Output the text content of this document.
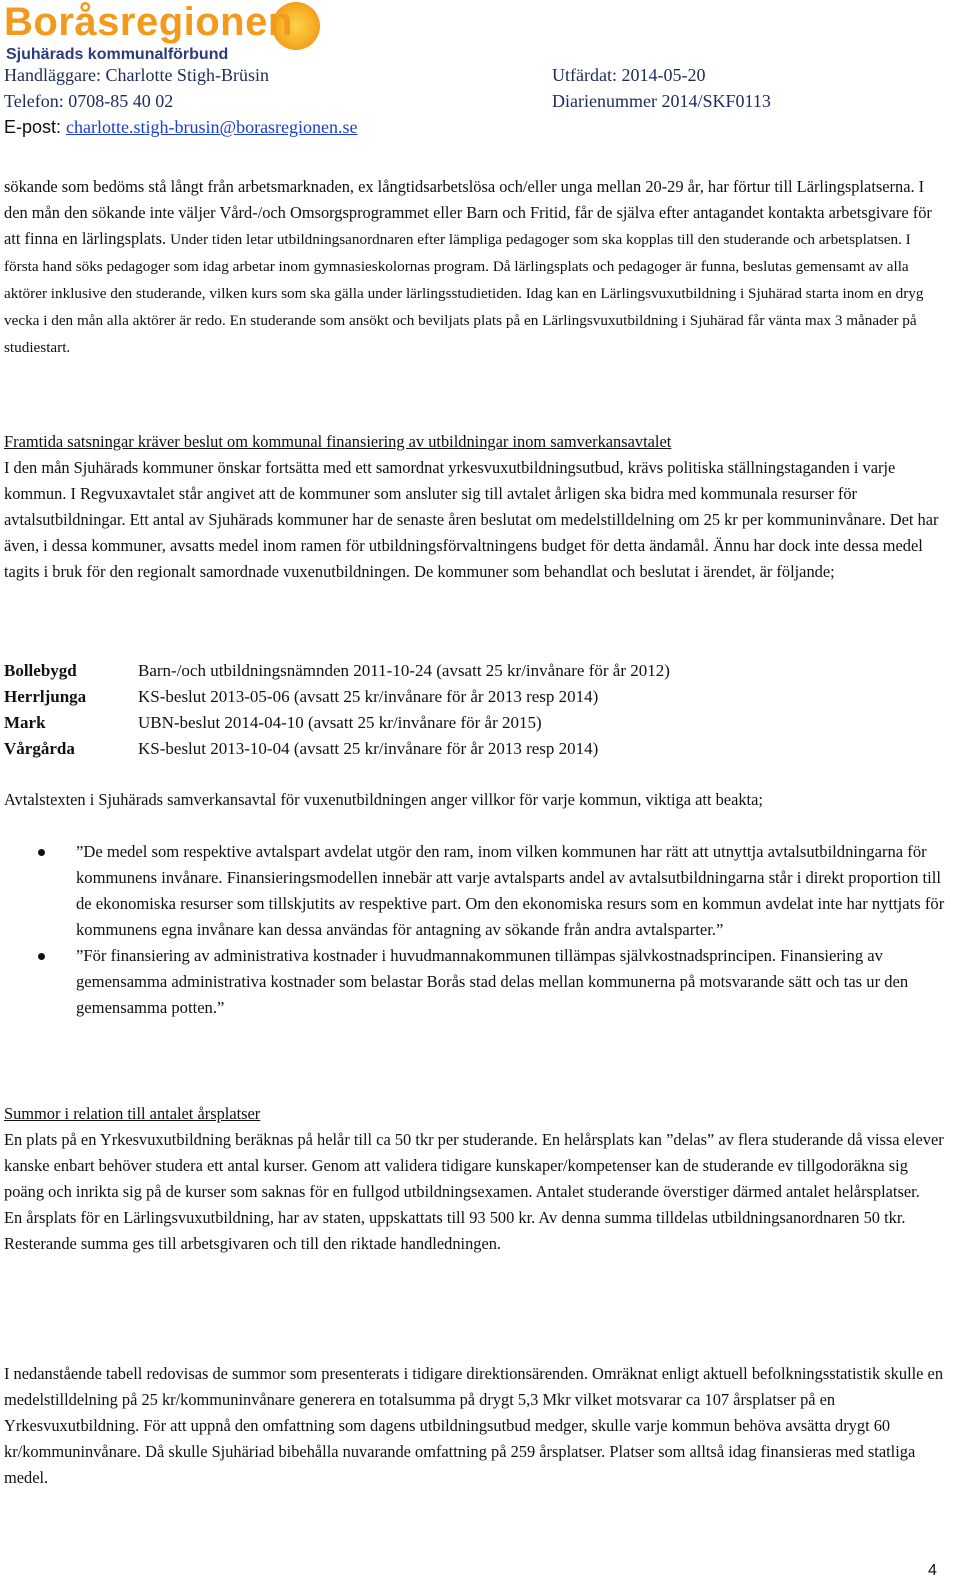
Boråsregionen
Sjuhärads kommunalförbund
Handläggare: Charlotte Stigh-Brüsin
Telefon: 0708-85 40 02
E-post: charlotte.stigh-brusin@borasregionen.se
Utfärdat: 2014-05-20
Diarienummer 2014/SKF0113

sökande som bedöms stå långt från arbetsmarknaden, ex långtidsarbetslösa och/eller unga mellan 20-29 år, har förtur till Lärlingsplatserna. I den mån den sökande inte väljer Vård-/och Omsorgsprogrammet eller Barn och Fritid, får de själva efter antagandet kontakta arbetsgivare för att finna en lärlingsplats. Under tiden letar utbildningsanordnaren efter lämpliga pedagoger som ska kopplas till den studerande och arbetsplatsen. I första hand söks pedagoger som idag arbetar inom gymnasieskolornas program. Då lärlingsplats och pedagoger är funna, beslutas gemensamt av alla aktörer inklusive den studerande, vilken kurs som ska gälla under lärlingsstudietiden. Idag kan en Lärlingsvuxutbildning i Sjuhärad starta inom en dryg vecka i den mån alla aktörer är redo. En studerande som ansökt och beviljats plats på en Lärlingsvuxutbildning i Sjuhärad får vänta max 3 månader på studiestart.

Framtida satsningar kräver beslut om kommunal finansiering av utbildningar inom samverkansavtalet
I den mån Sjuhärads kommuner önskar fortsätta med ett samordnat yrkesvuxutbildningsutbud, krävs politiska ställningstaganden i varje kommun. I Regvuxavtalet står angivet att de kommuner som ansluter sig till avtalet årligen ska bidra med kommunala resurser för avtalsutbildningar. Ett antal av Sjuhärads kommuner har de senaste åren beslutat om medelstilldelning om 25 kr per kommuninvånare. Det har även, i dessa kommuner, avsatts medel inom ramen för utbildningsförvaltningens budget för detta ändamål. Ännu har dock inte dessa medel tagits i bruk för den regionalt samordnade vuxenutbildningen. De kommuner som behandlat och beslutat i ärendet, är följande;
Bollebygd	Barn-/och utbildningsnämnden 2011-10-24 (avsatt 25 kr/invånare för år 2012)
Herrljunga	KS-beslut 2013-05-06 (avsatt 25 kr/invånare för år 2013 resp 2014)
Mark	UBN-beslut 2014-04-10 (avsatt 25 kr/invånare för år 2015)
Vårgårda	KS-beslut 2013-10-04 (avsatt 25 kr/invånare för år 2013 resp 2014)

Avtalstexten i Sjuhärads samverkansavtal för vuxenutbildningen anger villkor för varje kommun, viktiga att beakta;

”De medel som respektive avtalspart avdelat utgör den ram, inom vilken kommunen har rätt att utnyttja avtalsutbildningarna för kommunens invånare. Finansieringsmodellen innebär att varje avtalsparts andel av avtalsutbildningarna står i direkt proportion till de ekonomiska resurser som tillskjutits av respektive part. Om den ekonomiska resurs som en kommun avdelat inte har nyttjats för kommunens egna invånare kan dessa användas för antagning av sökande från andra avtalsparter.”
”För finansiering av administrativa kostnader i huvudmannakommunen tillämpas självkostnadsprincipen. Finansiering av gemensamma administrativa kostnader som belastar Borås stad delas mellan kommunerna på motsvarande sätt och tas ur den gemensamma potten.”
Summor i relation till antalet årsplatser
En plats på en Yrkesvuxutbildning beräknas på helår till ca 50 tkr per studerande. En helårsplats kan ”delas” av flera studerande då vissa elever kanske enbart behöver studera ett antal kurser. Genom att validera tidigare kunskaper/kompetenser kan de studerande ev tillgodoräkna sig poäng och inrikta sig på de kurser som saknas för en fullgod utbildningsexamen. Antalet studerande överstiger därmed antalet helårsplatser.
En årsplats för en Lärlingsvuxutbildning, har av staten, uppskattats till 93 500 kr. Av denna summa tilldelas utbildningsanordnaren 50 tkr. Resterande summa ges till arbetsgivaren och till den riktade handledningen.

I nedanstående tabell redovisas de summor som presenterats i tidigare direktionsärenden. Omräknat enligt aktuell befolkningsstatistik skulle en medelstilldelning på 25 kr/kommuninvånare generera en totalsumma på drygt 5,3 Mkr vilket motsvarar ca 107 årsplatser på en Yrkesvuxutbildning. För att uppnå den omfattning som dagens utbildningsutbud medger, skulle varje kommun behöva avsätta drygt 60 kr/kommuninvånare. Då skulle Sjuhäriad bibehålla nuvarande omfattning på 259 årsplatser. Platser som alltså idag finansieras med statliga medel.

4
